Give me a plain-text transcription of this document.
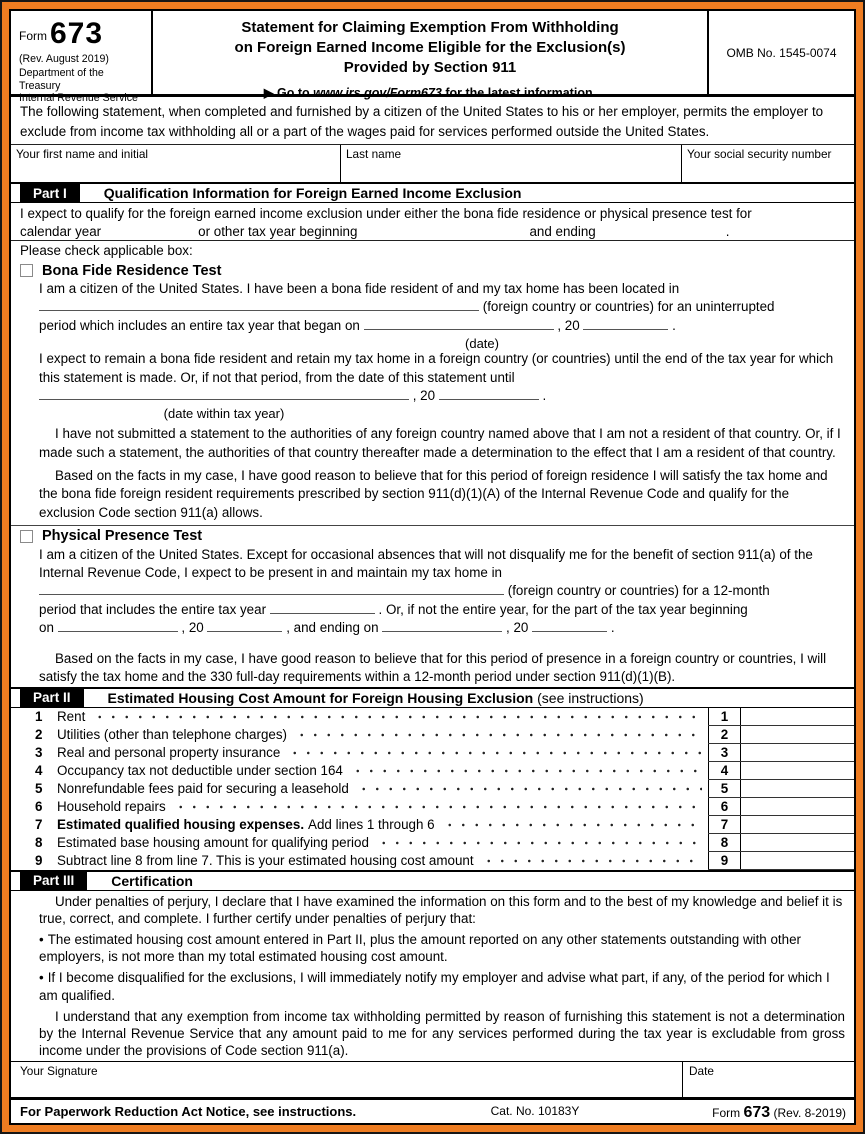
Form 673
(Rev. August 2019)
Department of the Treasury
Internal Revenue Service
Statement for Claiming Exemption From Withholding
on Foreign Earned Income Eligible for the Exclusion(s)
Provided by Section 911
▶ Go to www.irs.gov/Form673 for the latest information.
OMB No. 1545-0074
The following statement, when completed and furnished by a citizen of the United States to his or her employer, permits the employer to exclude from income tax withholding all or a part of the wages paid for services performed outside the United States.
Your first name and initial	Last name	Your social security number
Part I	Qualification Information for Foreign Earned Income Exclusion
I expect to qualify for the foreign earned income exclusion under either the bona fide residence or physical presence test for
calendar year	or other tax year beginning	and ending	.
Please check applicable box:
Bona Fide Residence Test
I am a citizen of the United States. I have been a bona fide resident of and my tax home has been located in
(foreign country or countries) for an uninterrupted
period which includes an entire tax year that began on	, 20	.
(date)
I expect to remain a bona fide resident and retain my tax home in a foreign country (or countries) until the end of the tax year for which this statement is made. Or, if not that period, from the date of this statement until
, 20	.
(date within tax year)
I have not submitted a statement to the authorities of any foreign country named above that I am not a resident of that country. Or, if I made such a statement, the authorities of that country thereafter made a determination to the effect that I am a resident of that country.
Based on the facts in my case, I have good reason to believe that for this period of foreign residence I will satisfy the tax home and the bona fide foreign resident requirements prescribed by section 911(d)(1)(A) of the Internal Revenue Code and qualify for the exclusion Code section 911(a) allows.
Physical Presence Test
I am a citizen of the United States. Except for occasional absences that will not disqualify me for the benefit of section 911(a) of the Internal Revenue Code, I expect to be present in and maintain my tax home in
(foreign country or countries) for a 12-month
period that includes the entire tax year	. Or, if not the entire year, for the part of the tax year beginning
on	, 20	, and ending on	, 20	.
Based on the facts in my case, I have good reason to believe that for this period of presence in a foreign country or countries, I will satisfy the tax home and the 330 full-day requirements within a 12-month period under section 911(d)(1)(B).
Part II	Estimated Housing Cost Amount for Foreign Housing Exclusion (see instructions)
1	Rent	1
2	Utilities (other than telephone charges)	2
3	Real and personal property insurance	3
4	Occupancy tax not deductible under section 164	4
5	Nonrefundable fees paid for securing a leasehold	5
6	Household repairs	6
7	Estimated qualified housing expenses. Add lines 1 through 6	7
8	Estimated base housing amount for qualifying period	8
9	Subtract line 8 from line 7. This is your estimated housing cost amount	9
Part III	Certification

Under penalties of perjury, I declare that I have examined the information on this form and to the best of my knowledge and belief it is true, correct, and complete. I further certify under penalties of perjury that:

• The estimated housing cost amount entered in Part II, plus the amount reported on any other statements outstanding with other employers, is not more than my total estimated housing cost amount.

• If I become disqualified for the exclusions, I will immediately notify my employer and advise what part, if any, of the period for which I am qualified.

I understand that any exemption from income tax withholding permitted by reason of furnishing this statement is not a determination by the Internal Revenue Service that any amount paid to me for any services performed during the tax year is excludable from gross income under the provisions of Code section 911(a).

Your Signature	Date
For Paperwork Reduction Act Notice, see instructions.	Cat. No. 10183Y	Form 673 (Rev. 8-2019)
